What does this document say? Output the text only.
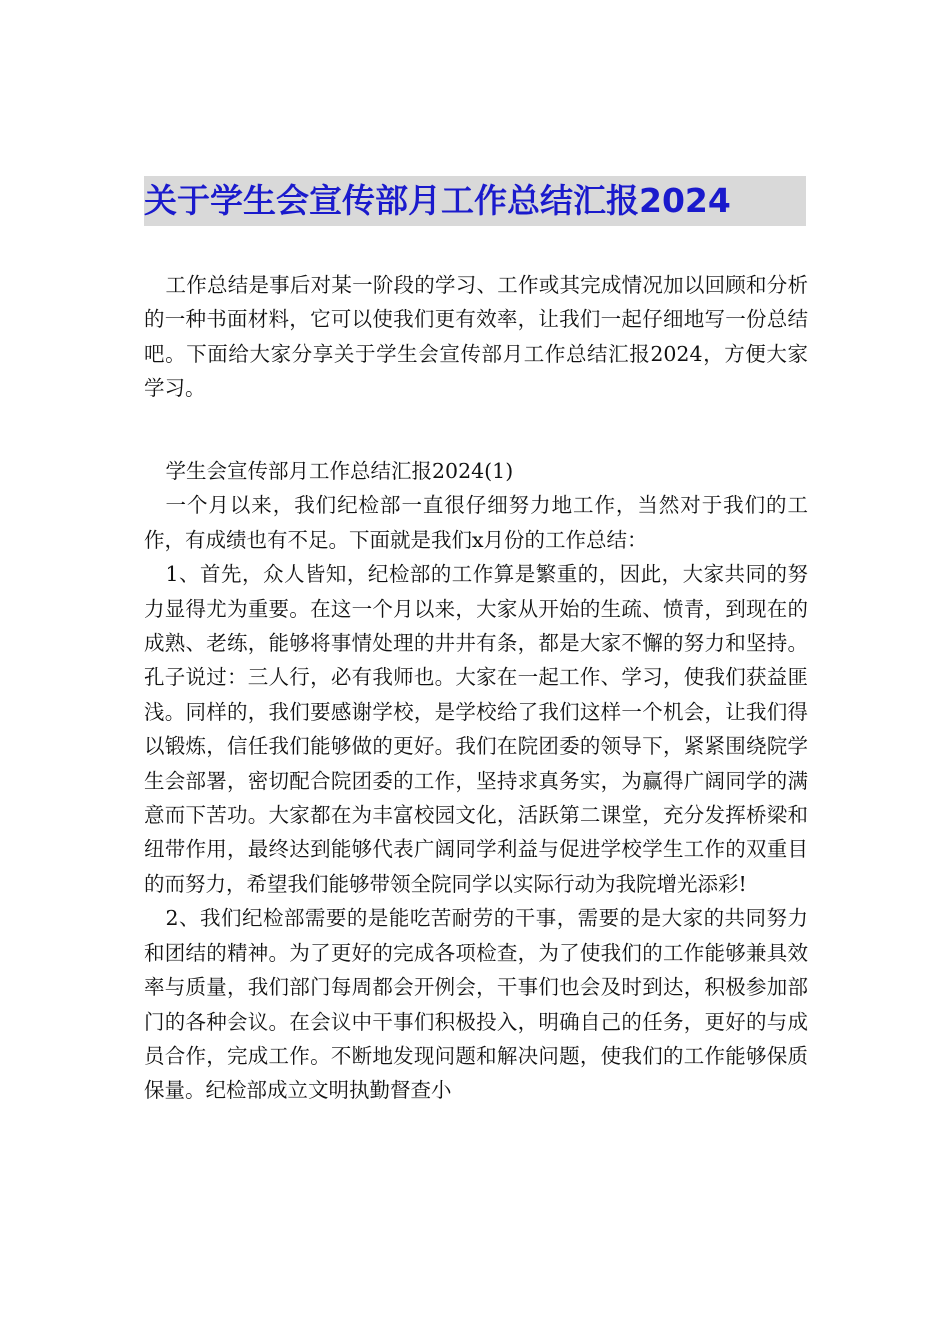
关于学生会宣传部月工作总结汇报2024

工作总结是事后对某一阶段的学习、工作或其完成情况加以回顾和分析的一种书面材料，它可以使我们更有效率，让我们一起仔细地写一份总结吧。下面给大家分享关于学生会宣传部月工作总结汇报2024，方便大家学习。

学生会宣传部月工作总结汇报2024(1)

一个月以来，我们纪检部一直很仔细努力地工作，当然对于我们的工作，有成绩也有不足。下面就是我们x月份的工作总结：

1、首先，众人皆知，纪检部的工作算是繁重的，因此，大家共同的努力显得尤为重要。在这一个月以来，大家从开始的生疏、愤青，到现在的成熟、老练，能够将事情处理的井井有条，都是大家不懈的努力和坚持。孔子说过：三人行，必有我师也。大家在一起工作、学习，使我们获益匪浅。同样的，我们要感谢学校，是学校给了我们这样一个机会，让我们得以锻炼，信任我们能够做的更好。我们在院团委的领导下，紧紧围绕院学生会部署，密切配合院团委的工作，坚持求真务实，为赢得广阔同学的满意而下苦功。大家都在为丰富校园文化，活跃第二课堂，充分发挥桥梁和纽带作用，最终达到能够代表广阔同学利益与促进学校学生工作的双重目的而努力，希望我们能够带领全院同学以实际行动为我院增光添彩!

2、我们纪检部需要的是能吃苦耐劳的干事，需要的是大家的共同努力和团结的精神。为了更好的完成各项检查，为了使我们的工作能够兼具效率与质量，我们部门每周都会开例会，干事们也会及时到达，积极参加部门的各种会议。在会议中干事们积极投入，明确自己的任务，更好的与成员合作，完成工作。不断地发现问题和解决问题，使我们的工作能够保质保量。纪检部成立文明执勤督查小
